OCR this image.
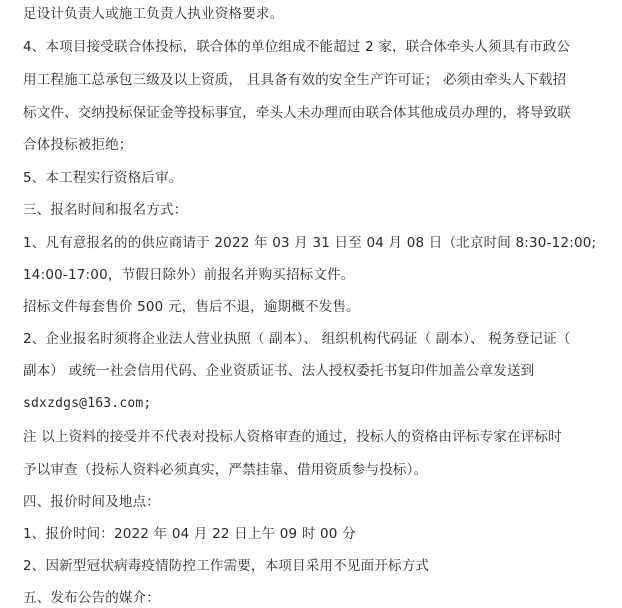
足设计负责人或施工负责人执业资格要求。
4、本项目接受联合体投标，联合体的单位组成不能超过 2 家，联合体牵头人须具有市政公
用工程施工总承包三级及以上资质， 且具备有效的安全生产许可证； 必须由牵头人下载招
标文件、交纳投标保证金等投标事宜，牵头人未办理而由联合体其他成员办理的，将导致联
合体投标被拒绝；
5、本工程实行资格后审。
三、报名时间和报名方式：
1、凡有意报名的的供应商请于 2022 年 03 月 31 日至 04 月 08 日（北京时间 8:30-12:00;
14:00-17:00，节假日除外）前报名并购买招标文件。
招标文件每套售价 500 元，售后不退，逾期概不发售。
2、企业报名时须将企业法人营业执照（ 副本）、 组织机构代码证（ 副本）、 税务登记证（
副本） 或统一社会信用代码、企业资质证书、法人授权委托书复印件加盖公章发送到
sdxzdgs@163.com;
注 以上资料的接受并不代表对投标人资格审查的通过，投标人的资格由评标专家在评标时
予以审查（投标人资料必须真实，严禁挂靠、借用资质参与投标）。
四、报价时间及地点：
1、报价时间：2022 年 04 月 22 日上午 09 时 00 分
2、因新型冠状病毒疫情防控工作需要，本项目采用不见面开标方式
五、发布公告的媒介：
